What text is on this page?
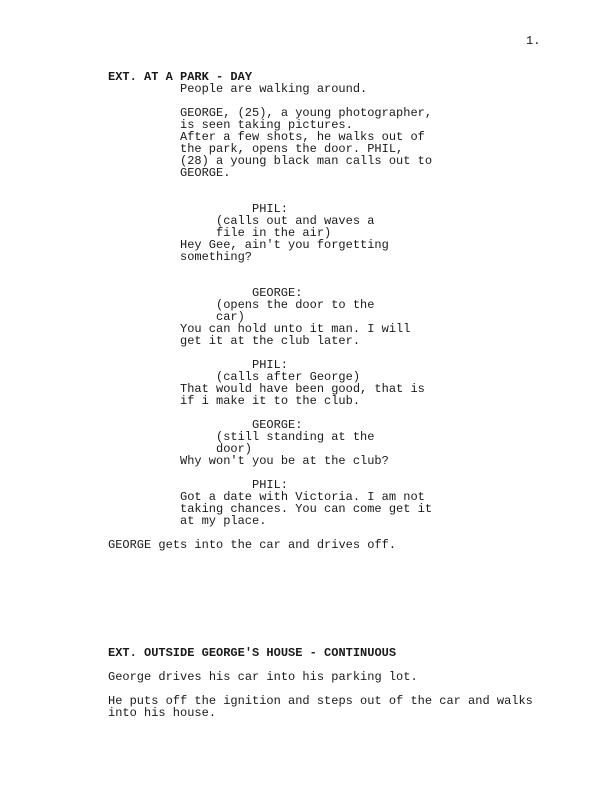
1.
EXT. AT A PARK - DAY
People are walking around.
GEORGE, (25), a young photographer,
is seen taking pictures.
After a few shots, he walks out of
the park, opens the door. PHIL,
(28) a young black man calls out to
GEORGE.
PHIL:
(calls out and waves a
file in the air)
Hey Gee, ain't you forgetting
something?
GEORGE:
(opens the door to the
car)
You can hold unto it man. I will
get it at the club later.
PHIL:
(calls after George)
That would have been good, that is
if i make it to the club.
GEORGE:
(still standing at the
door)
Why won't you be at the club?
PHIL:
Got a date with Victoria. I am not
taking chances. You can come get it
at my place.
GEORGE gets into the car and drives off.
EXT. OUTSIDE GEORGE'S HOUSE - CONTINUOUS
George drives his car into his parking lot.
He puts off the ignition and steps out of the car and walks
into his house.
